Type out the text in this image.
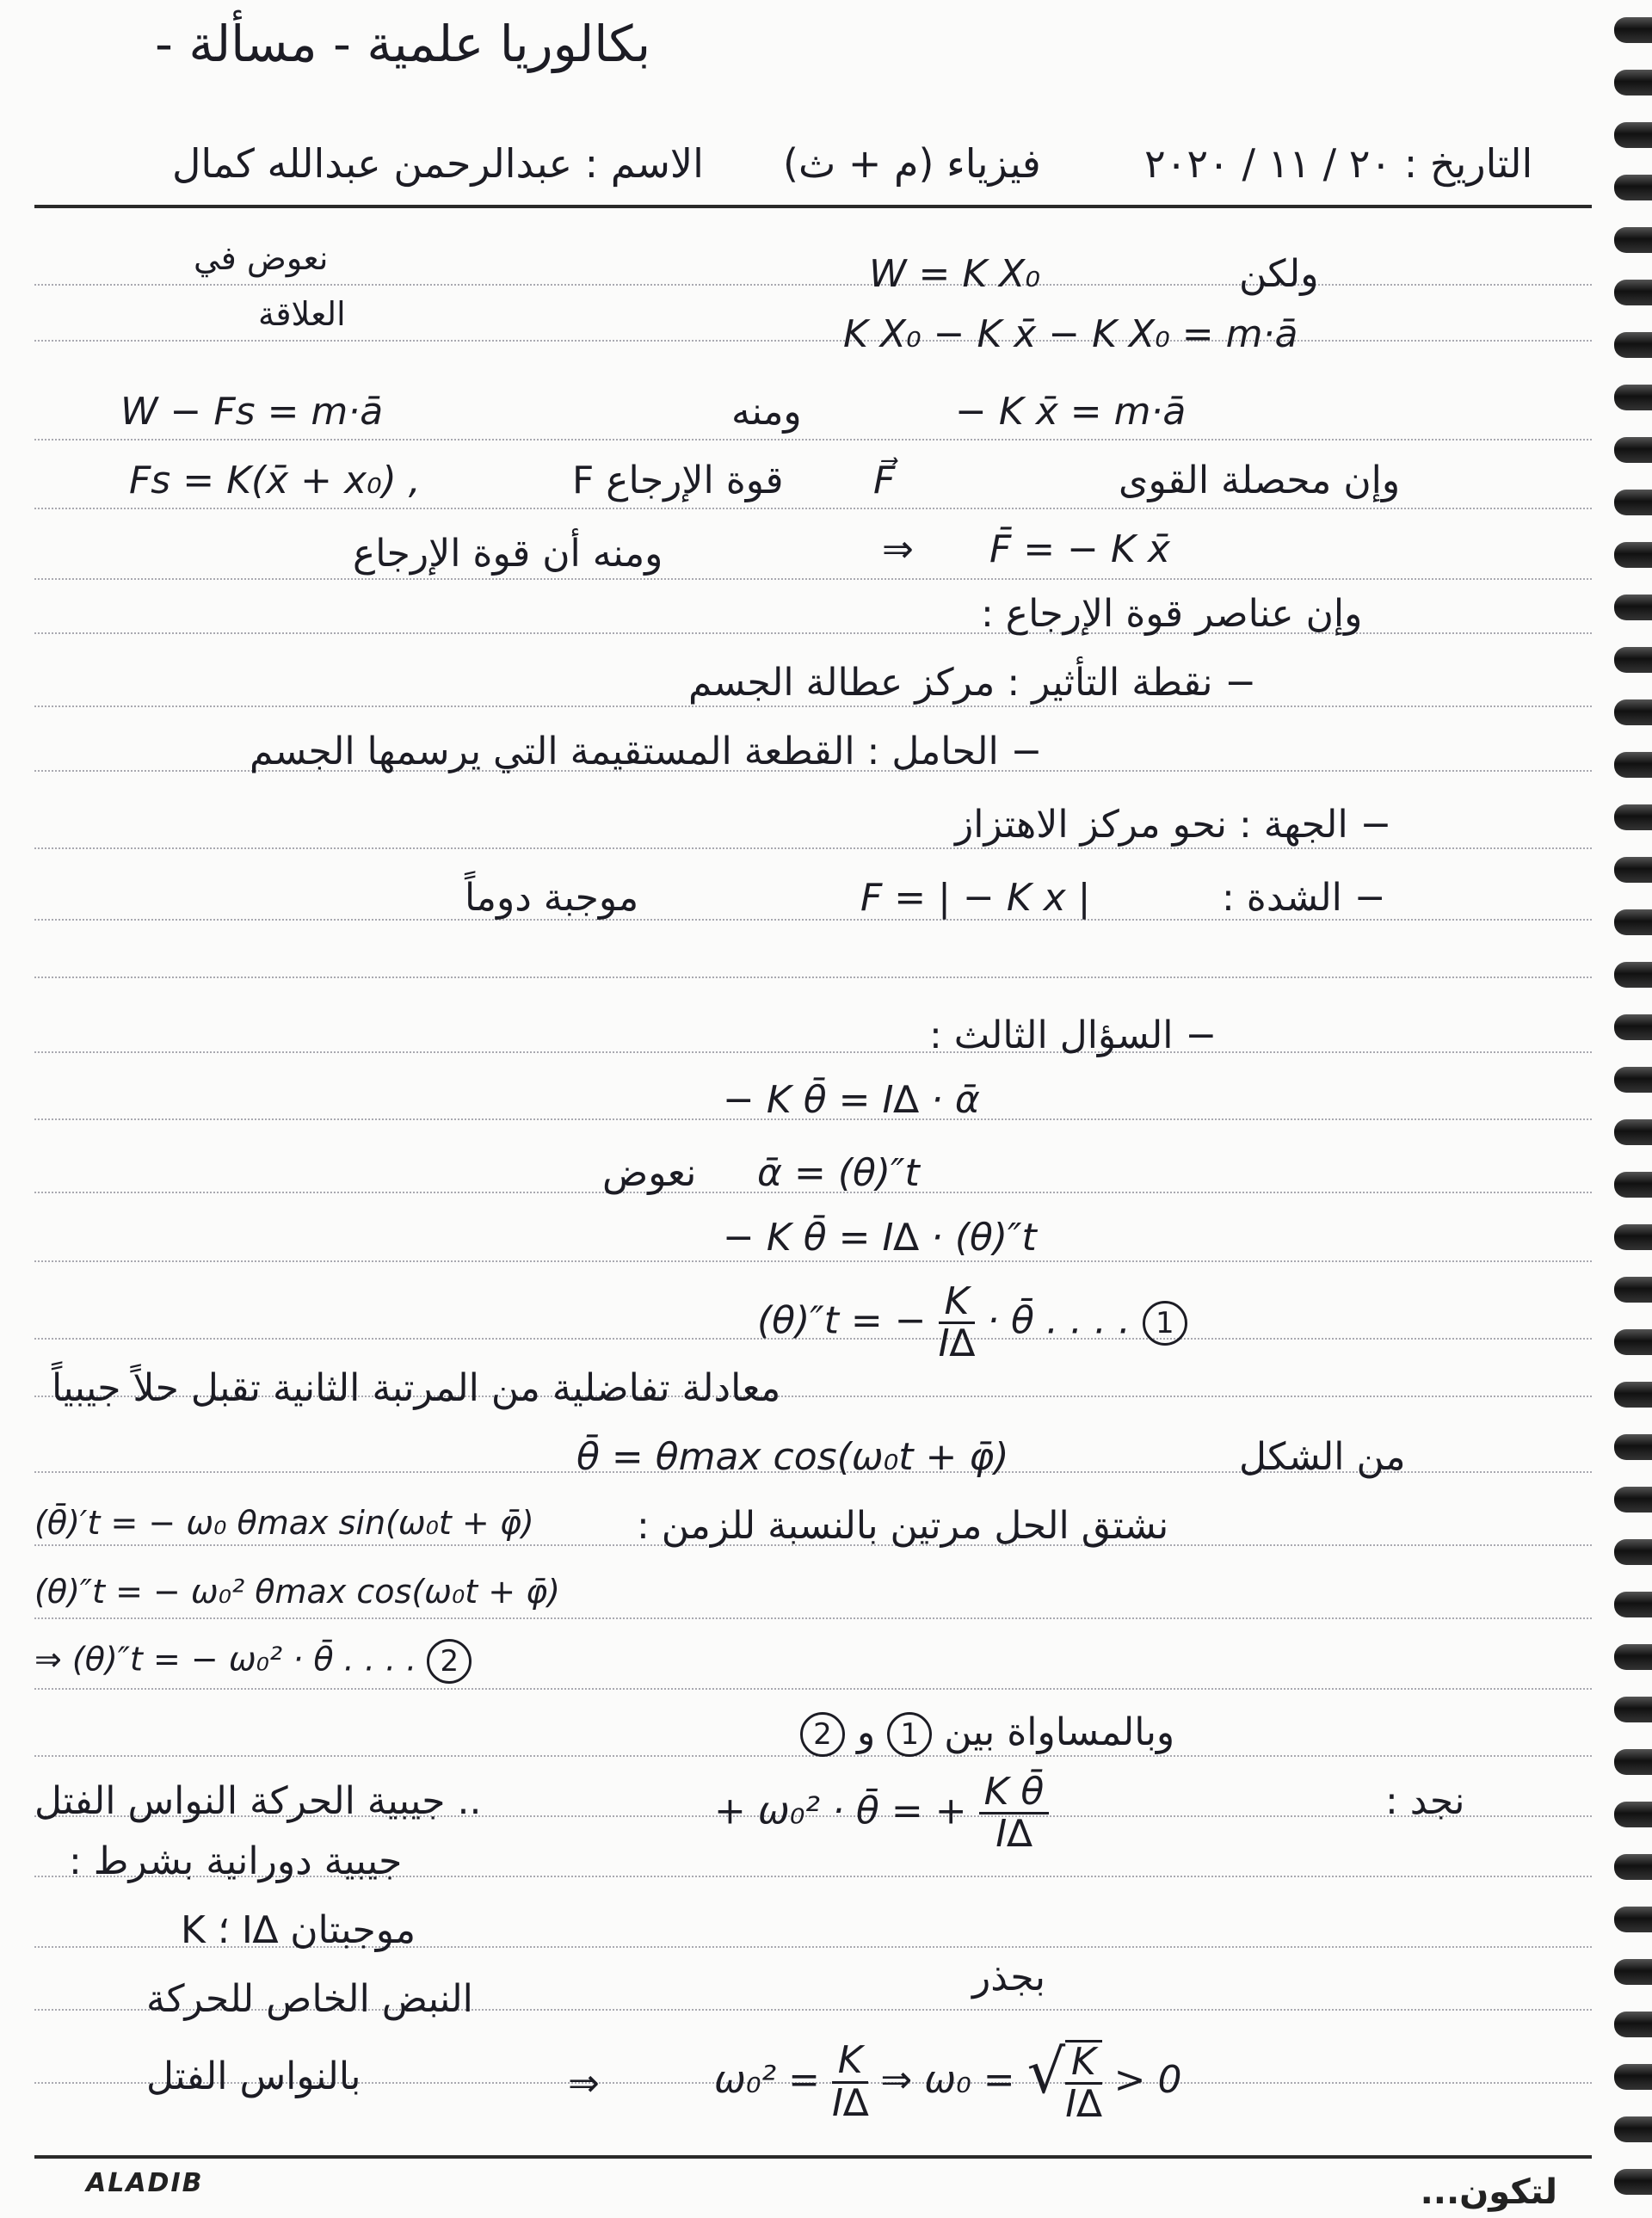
بكالوريا علمية - مسألة -
الاسم : عبدالرحمن عبدالله كمال فيزياء (م + ث)	التاريخ : ٢٠ / ١١ / ٢٠٢٠
نعوض في
العلاقة
ولكن
W = K X₀
K X₀ − K x̄ − K X₀ = m·ā
W − Fs = m·ā	ومنه	− K x̄ = m·ā
Fs = K(x̄ + x₀) ,	F قوة الإرجاع F⃗	وإن محصلة القوى
ومنه أن قوة الإرجاع	⇒ F̄ = − K x̄
وإن عناصر قوة الإرجاع :
− نقطة التأثير : مركز عطالة الجسم
− الحامل : القطعة المستقيمة التي يرسمها الجسم
− الجهة : نحو مركز الاهتزاز
− الشدة :
F = | − K x |
موجبة دوماً
− السؤال الثالث :
− K θ̄ = I∆ · ᾱ
نعوض ᾱ = (θ)″t
− K θ̄ = I∆ · (θ)″t
(θ)″t = − $\frac{K}{I\Delta}$ · θ̄ . . . . 1
معادلة تفاضلية من المرتبة الثانية تقبل حلاً جيبياً
من الشكل
θ̄ = θmax cos(ω₀t + φ̄)
(θ̄)′t = − ω₀ θmax sin(ω₀t + φ̄)	نشتق الحل مرتين بالنسبة للزمن :
(θ)″t = − ω₀² θmax cos(ω₀t + φ̄)
⇒ (θ)″t = − ω₀² · θ̄ . . . . 2
وبالمساواة بين 1 و 2
.. جيبية الحركة النواس الفتل	+ ω₀² · θ̄ = + $\frac{\text{K θ̄}}{I\Delta}$	نجد :
جيبية دورانية بشرط :
K ؛ I∆ موجبتان
بجذر
النبض الخاص للحركة
بالنواس الفتل	⇒	$\omega_0^2 = \frac{K}{I\Delta}$ ⇒ ω₀ = √ $\frac{K}{I\Delta} > 0$
ALADIB	لتكون...
